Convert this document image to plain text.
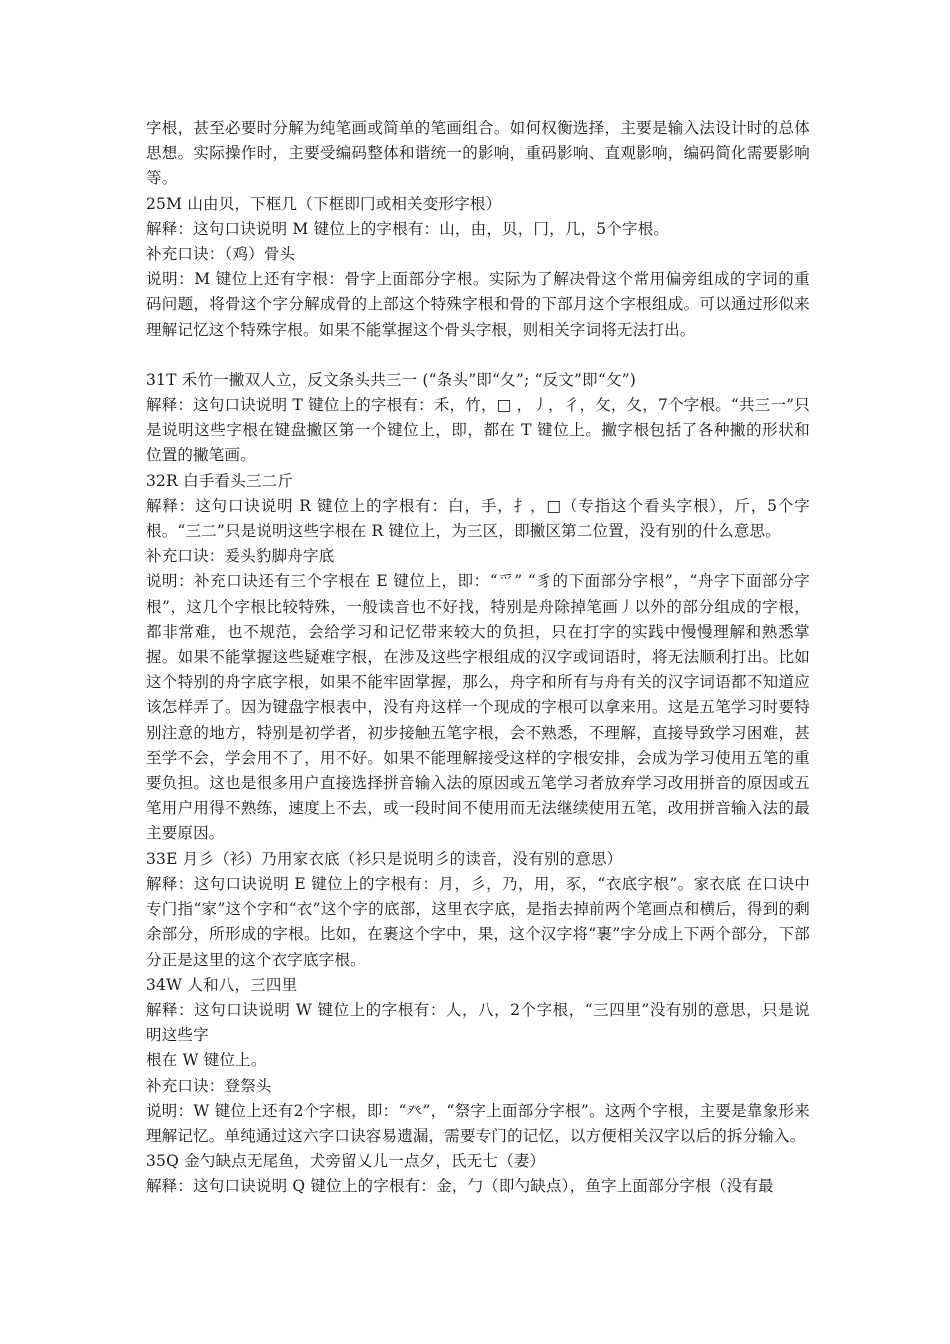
字根，甚至必要时分解为纯笔画或简单的笔画组合。如何权衡选择，主要是输入法设计时的总体思想。实际操作时，主要受编码整体和谐统一的影响，重码影响、直观影响，编码简化需要影响等。

25M 山由贝，下框几（下框即冂或相关变形字根）

解释：这句口诀说明 M 键位上的字根有：山，由，贝，冂，几，5个字根。

补充口诀：（鸡）骨头

说明：M 键位上还有字根：骨字上面部分字根。实际为了解决骨这个常用偏旁组成的字词的重码问题，将骨这个字分解成骨的上部这个特殊字根和骨的下部月这个字根组成。可以通过形似来理解记忆这个特殊字根。如果不能掌握这个骨头字根，则相关字词将无法打出。

31T 禾竹一撇双人立，反文条头共三一 (“条头”即“夂”; “反文”即“攵”)

解释：这句口诀说明 T 键位上的字根有：禾，竹，□ ，丿，彳，攵，夂，7个字根。“共三一”只是说明这些字根在键盘撇区第一个键位上，即，都在 T 键位上。撇字根包括了各种撇的形状和位置的撇笔画。

32R 白手看头三二斤

解释：这句口诀说明 R 键位上的字根有：白，手，扌，□（专指这个看头字根），斤，5个字根。“三二”只是说明这些字根在 R 键位上，为三区，即撇区第二位置，没有别的什么意思。

补充口诀：爰头豹脚舟字底

说明：补充口诀还有三个字根在 E 键位上，即：“爫” “豸的下面部分字根”，“舟字下面部分字根”，这几个字根比较特殊，一般读音也不好找，特别是舟除掉笔画丿以外的部分组成的字根，都非常难，也不规范，会给学习和记忆带来较大的负担，只在打字的实践中慢慢理解和熟悉掌握。如果不能掌握这些疑难字根，在涉及这些字根组成的汉字或词语时，将无法顺利打出。比如这个特别的舟字底字根，如果不能牢固掌握，那么，舟字和所有与舟有关的汉字词语都不知道应该怎样弄了。因为键盘字根表中，没有舟这样一个现成的字根可以拿来用。这是五笔学习时要特别注意的地方，特别是初学者，初步接触五笔字根，会不熟悉，不理解，直接导致学习困难，甚至学不会，学会用不了，用不好。如果不能理解接受这样的字根安排，会成为学习使用五笔的重要负担。这也是很多用户直接选择拼音输入法的原因或五笔学习者放弃学习改用拼音的原因或五笔用户用得不熟练，速度上不去，或一段时间不使用而无法继续使用五笔，改用拼音输入法的最主要原因。

33E 月彡（衫）乃用家衣底（衫只是说明彡的读音，没有别的意思）

解释：这句口诀说明 E 键位上的字根有：月，彡，乃，用，豕，“衣底字根”。家衣底 在口诀中专门指“家”这个字和“衣”这个字的底部，这里衣字底，是指去掉前两个笔画点和横后，得到的剩余部分，所形成的字根。比如，在裹这个字中，果，这个汉字将“裹”字分成上下两个部分，下部分正是这里的这个衣字底字根。

34W 人和八，三四里

解释：这句口诀说明 W 键位上的字根有：人，八，2个字根，“三四里”没有别的意思，只是说明这些字

根在 W 键位上。

补充口诀：登祭头

说明：W 键位上还有2个字根，即：“癶”，“祭字上面部分字根”。这两个字根，主要是靠象形来理解记忆。单纯通过这六字口诀容易遗漏，需要专门的记忆，以方便相关汉字以后的拆分输入。

35Q 金勺缺点无尾鱼，犬旁留乂儿一点夕，氏无七（妻）

解释：这句口诀说明 Q 键位上的字根有：金，勹（即勺缺点），鱼字上面部分字根（没有最
